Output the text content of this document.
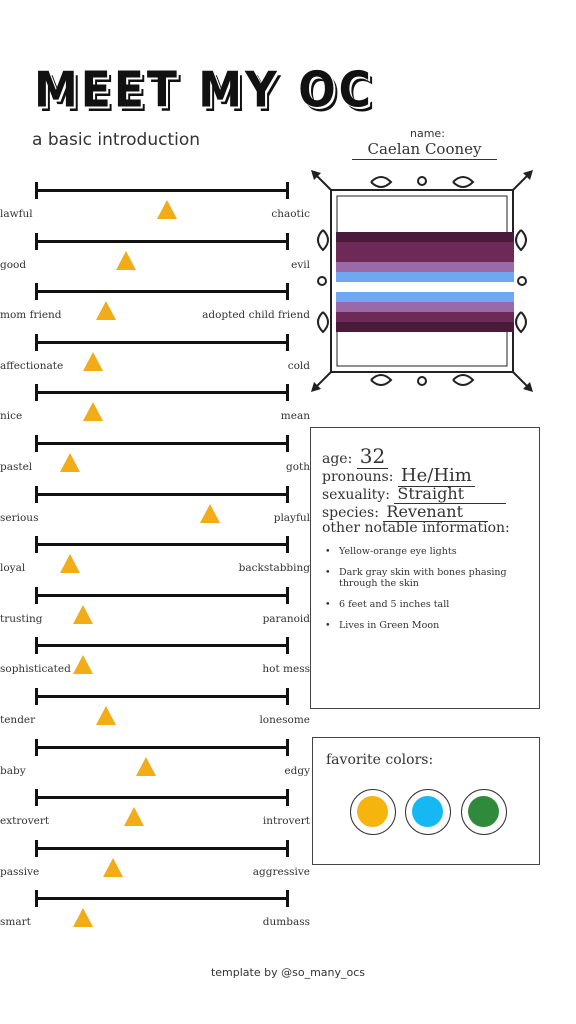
MEET MY OC
a basic introduction
lawful	chaotic
good	evil
mom friend	adopted child friend
affectionate	cold
nice	mean
pastel	goth
serious	playful
loyal	backstabbing
trusting	paranoid
sophisticated	hot mess
tender	lonesome
baby	edgy
extrovert	introvert
passive	aggressive
smart	dumbass
name:
Caelan Cooney
age: 32
pronouns: He/Him
sexuality: Straight
species: Revenant
other notable information:
• Yellow-orange eye lights
• Dark gray skin with bones phasing through the skin
• 6 feet and 5 inches tall
• Lives in Green Moon
favorite colors:
template by @so_many_ocs
